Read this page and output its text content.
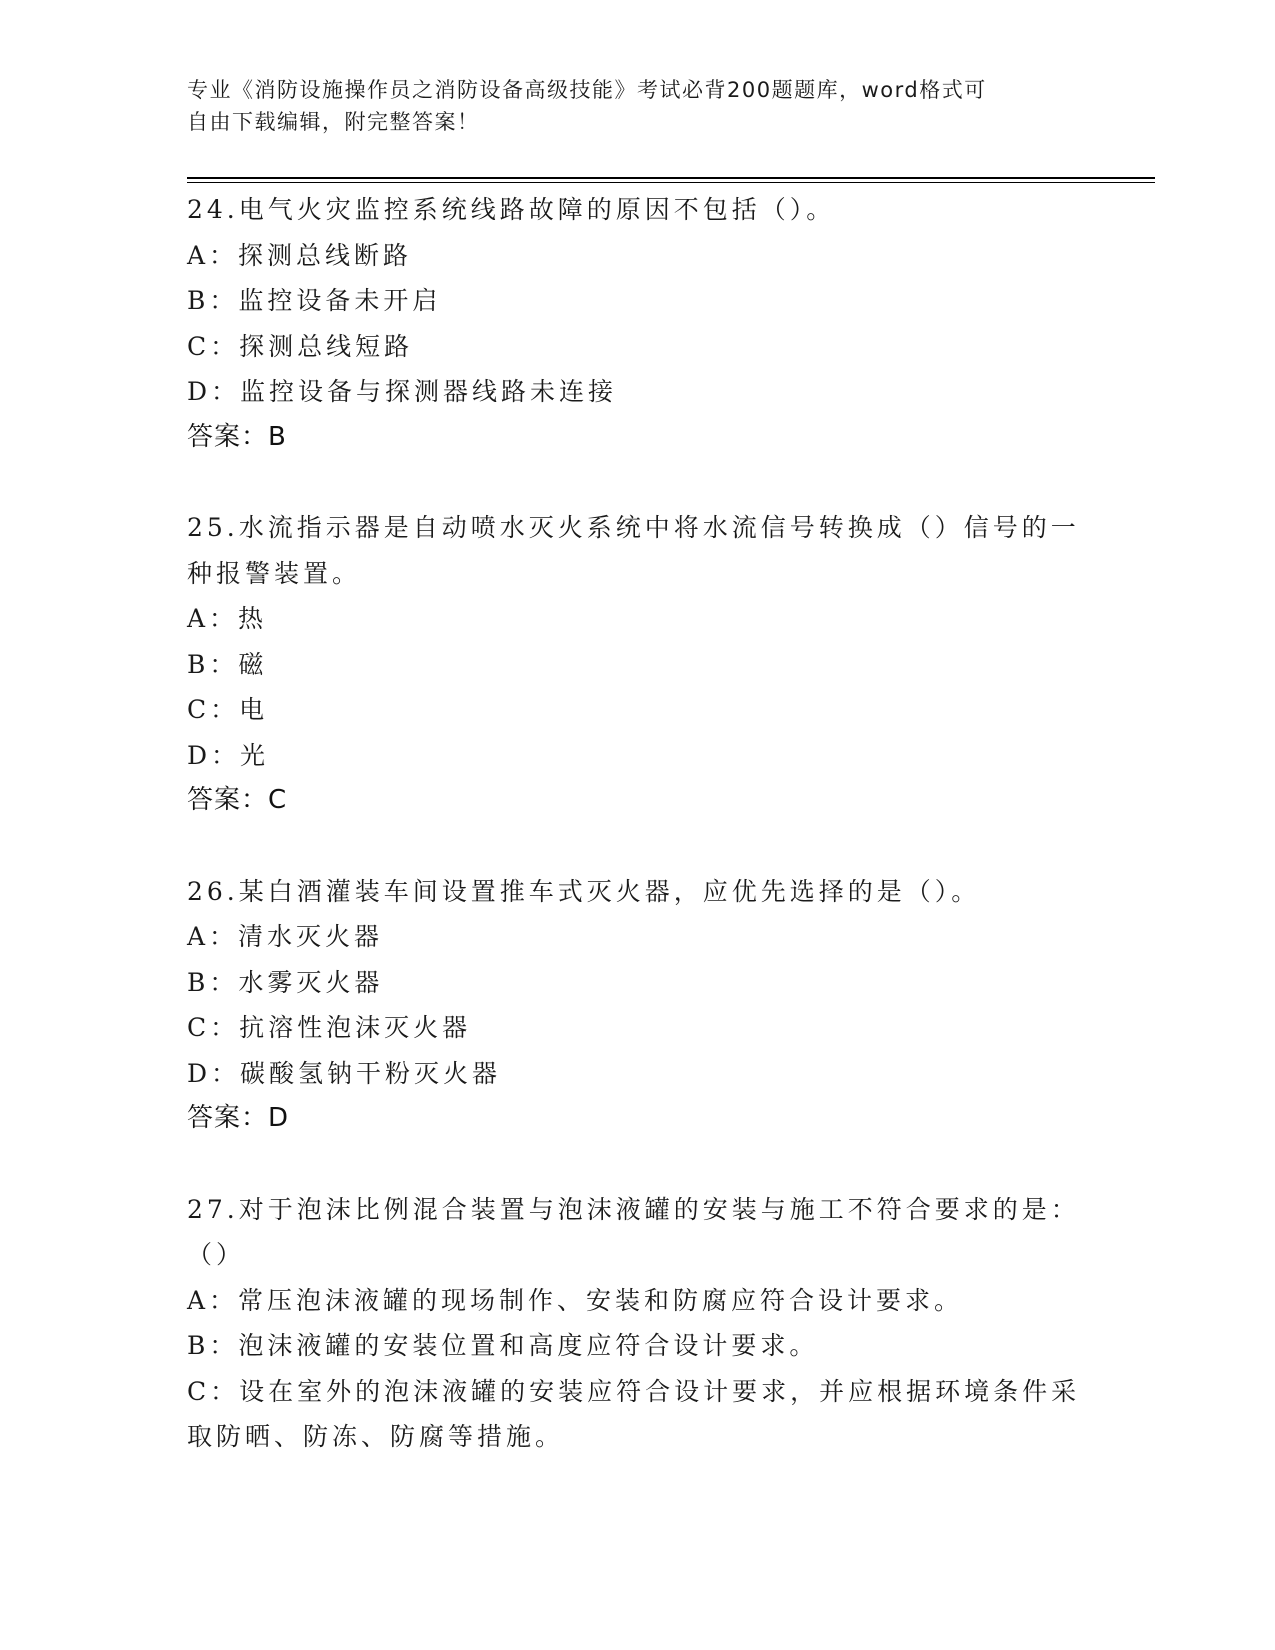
专业《消防设施操作员之消防设备高级技能》考试必背200题题库，word格式可
自由下载编辑，附完整答案！
24.电气火灾监控系统线路故障的原因不包括（）。
A：探测总线断路
B：监控设备未开启
C：探测总线短路
D：监控设备与探测器线路未连接
答案：B
25.水流指示器是自动喷水灭火系统中将水流信号转换成（）信号的一
种报警装置。
A：热
B：磁
C：电
D：光
答案：C
26.某白酒灌装车间设置推车式灭火器，应优先选择的是（）。
A：清水灭火器
B：水雾灭火器
C：抗溶性泡沫灭火器
D：碳酸氢钠干粉灭火器
答案：D
27.对于泡沫比例混合装置与泡沫液罐的安装与施工不符合要求的是：
（）
A：常压泡沫液罐的现场制作、安装和防腐应符合设计要求。
B：泡沫液罐的安装位置和高度应符合设计要求。
C：设在室外的泡沫液罐的安装应符合设计要求，并应根据环境条件采
取防晒、防冻、防腐等措施。
